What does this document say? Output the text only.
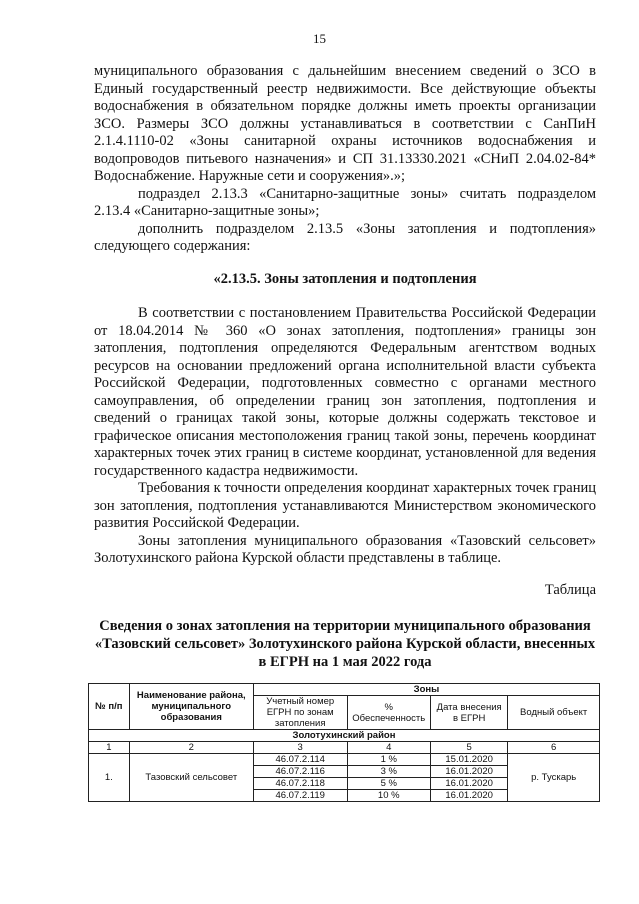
15

муниципального образования с дальнейшим внесением сведений о ЗСО в Единый государственный реестр недвижимости. Все действующие объекты водоснабжения в обязательном порядке должны иметь проекты организации ЗСО. Размеры ЗСО должны устанавливаться в соответствии с СанПиН 2.1.4.1110-02 «Зоны санитарной охраны источников водоснабжения и водопроводов питьевого назначения» и СП 31.13330.2021 «СНиП 2.04.02-84* Водоснабжение. Наружные сети и сооружения».»;

подраздел 2.13.3 «Санитарно-защитные зоны» считать подразделом 2.13.4 «Санитарно-защитные зоны»;

дополнить подразделом 2.13.5 «Зоны затопления и подтопления» следующего содержания:

«2.13.5. Зоны затопления и подтопления

В соответствии с постановлением Правительства Российской Федерации от 18.04.2014 № 360 «О зонах затопления, подтопления» границы зон затопления, подтопления определяются Федеральным агентством водных ресурсов на основании предложений органа исполнительной власти субъекта Российской Федерации, подготовленных совместно с органами местного самоуправления, об определении границ зон затопления, подтопления и сведений о границах такой зоны, которые должны содержать текстовое и графическое описания местоположения границ такой зоны, перечень координат характерных точек этих границ в системе координат, установленной для ведения государственного кадастра недвижимости.

Требования к точности определения координат характерных точек границ зон затопления, подтопления устанавливаются Министерством экономического развития Российской Федерации.

Зоны затопления муниципального образования «Тазовский сельсовет» Золотухинского района Курской области представлены в таблице.

Таблица
Сведения о зонах затопления на территории муниципального образования «Тазовский сельсовет» Золотухинского района Курской области, внесенных в ЕГРН на 1 мая 2022 года
№ п/п	Наименование района, муниципального образования	Зоны			
		Учетный номер ЕГРН по зонам затопления	% Обеспеченность	Дата внесения в ЕГРН	Водный объект
Золотухинский район					
1	2	3	4	5	6
1.	Тазовский сельсовет	46.07.2.114	1 %	15.01.2020	р. Тускарь
		46.07.2.116	3 %	16.01.2020	
		46.07.2.118	5 %	16.01.2020	
		46.07.2.119	10 %	16.01.2020	
